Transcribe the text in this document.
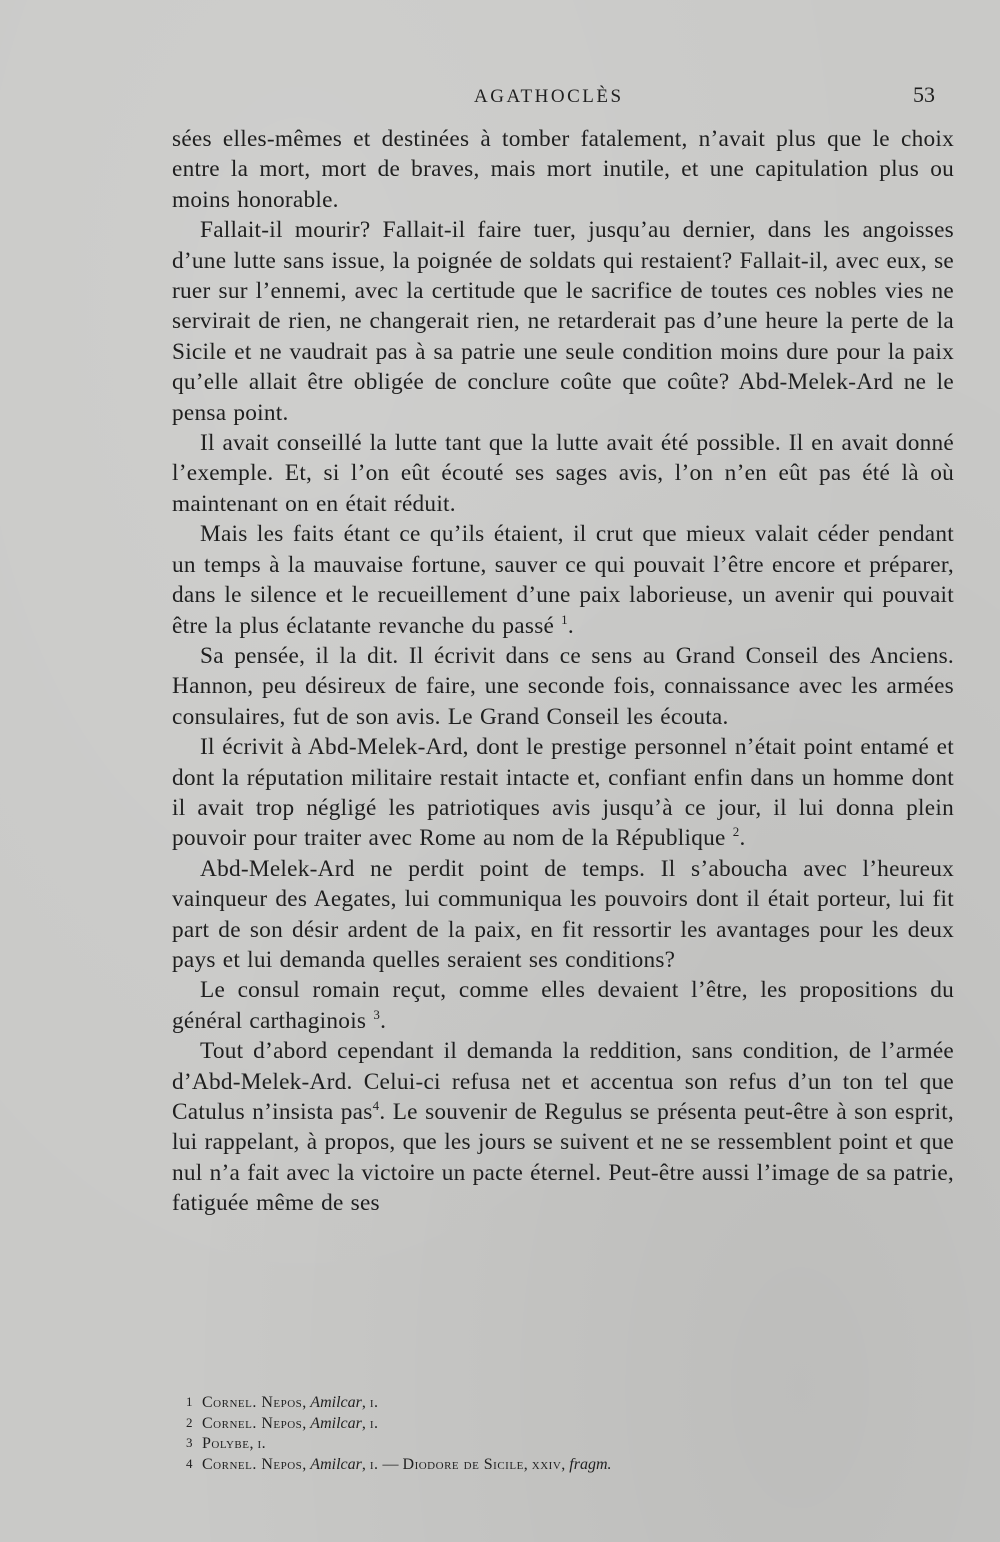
AGATHOCLÈS	53

sées elles-mêmes et destinées à tomber fatalement, n’avait plus que le choix entre la mort, mort de braves, mais mort inutile, et une capitulation plus ou moins honorable.

Fallait-il mourir? Fallait-il faire tuer, jusqu’au dernier, dans les angoisses d’une lutte sans issue, la poignée de soldats qui restaient? Fallait-il, avec eux, se ruer sur l’ennemi, avec la certitude que le sacrifice de toutes ces nobles vies ne servirait de rien, ne changerait rien, ne retarderait pas d’une heure la perte de la Sicile et ne vaudrait pas à sa patrie une seule condition moins dure pour la paix qu’elle allait être obligée de conclure coûte que coûte? Abd-Melek-Ard ne le pensa point.

Il avait conseillé la lutte tant que la lutte avait été possible. Il en avait donné l’exemple. Et, si l’on eût écouté ses sages avis, l’on n’en eût pas été là où maintenant on en était réduit.

Mais les faits étant ce qu’ils étaient, il crut que mieux valait céder pendant un temps à la mauvaise fortune, sauver ce qui pouvait l’être encore et préparer, dans le silence et le recueillement d’une paix laborieuse, un avenir qui pouvait être la plus éclatante revanche du passé $^1$.

Sa pensée, il la dit. Il écrivit dans ce sens au Grand Conseil des Anciens. Hannon, peu désireux de faire, une seconde fois, connaissance avec les armées consulaires, fut de son avis. Le Grand Conseil les écouta.

Il écrivit à Abd-Melek-Ard, dont le prestige personnel n’était point entamé et dont la réputation militaire restait intacte et, confiant enfin dans un homme dont il avait trop négligé les patriotiques avis jusqu’à ce jour, il lui donna plein pouvoir pour traiter avec Rome au nom de la République $^2$.

Abd-Melek-Ard ne perdit point de temps. Il s’aboucha avec l’heureux vainqueur des Aegates, lui communiqua les pouvoirs dont il était porteur, lui fit part de son désir ardent de la paix, en fit ressortir les avantages pour les deux pays et lui demanda quelles seraient ses conditions?

Le consul romain reçut, comme elles devaient l’être, les propositions du général carthaginois $^3$.

Tout d’abord cependant il demanda la reddition, sans condition, de l’armée d’Abd-Melek-Ard. Celui-ci refusa net et accentua son refus d’un ton tel que Catulus n’insista pas$^4$. Le souvenir de Regulus se présenta peut-être à son esprit, lui rappelant, à propos, que les jours se suivent et ne se ressemblent point et que nul n’a fait avec la victoire un pacte éternel. Peut-être aussi l’image de sa patrie, fatiguée même de ses

1 Cornel. Nepos, Amilcar, i.
2 Cornel. Nepos, Amilcar, i.
3 Polybe, i.
4 Cornel. Nepos, Amilcar, i. — Diodore de Sicile, xxiv, fragm.
